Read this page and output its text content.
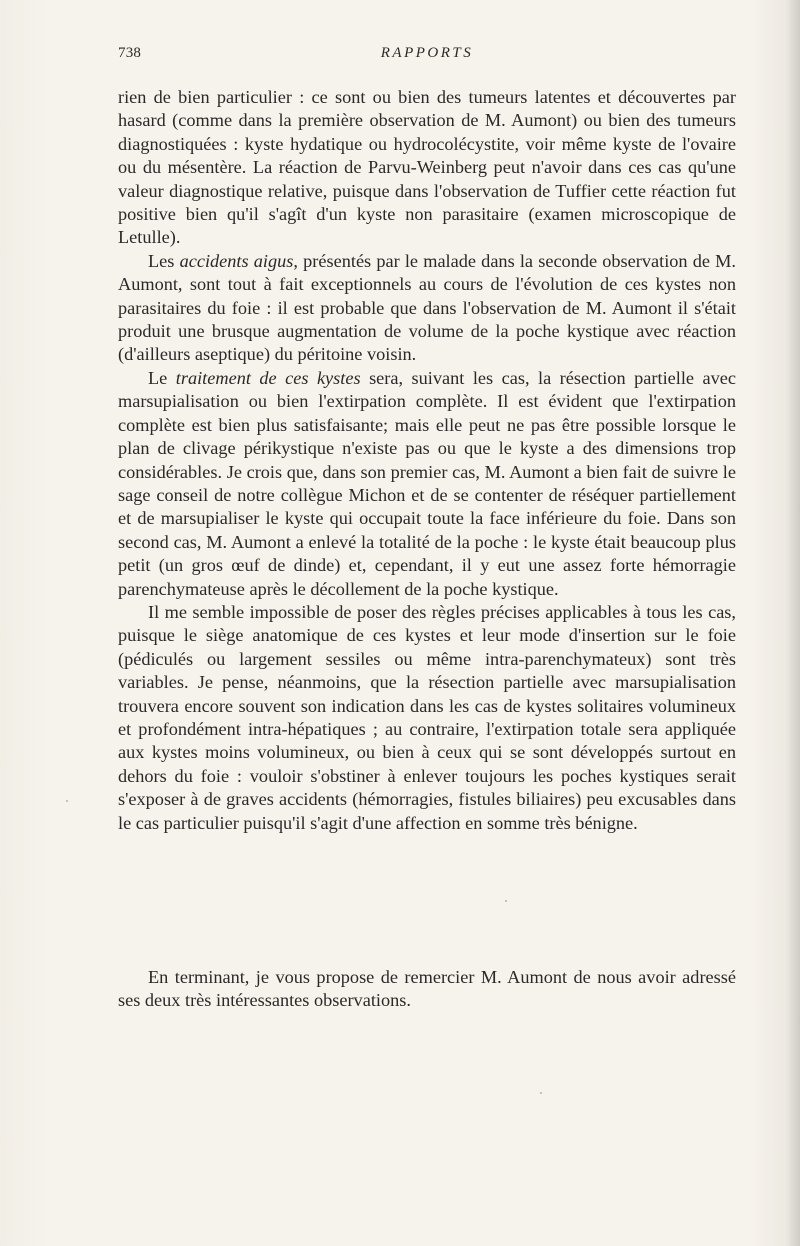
738	RAPPORTS

rien de bien particulier : ce sont ou bien des tumeurs latentes et découvertes par hasard (comme dans la première observation de M. Aumont) ou bien des tumeurs diagnostiquées : kyste hydatique ou hydrocolécystite, voir même kyste de l'ovaire ou du mésentère. La réaction de Parvu-Weinberg peut n'avoir dans ces cas qu'une valeur diagnostique relative, puisque dans l'observation de Tuffier cette réaction fut positive bien qu'il s'agît d'un kyste non parasitaire (examen microscopique de Letulle).

Les accidents aigus, présentés par le malade dans la seconde observation de M. Aumont, sont tout à fait exceptionnels au cours de l'évolution de ces kystes non parasitaires du foie : il est probable que dans l'observation de M. Aumont il s'était produit une brusque augmentation de volume de la poche kystique avec réaction (d'ailleurs aseptique) du péritoine voisin.

Le traitement de ces kystes sera, suivant les cas, la résection partielle avec marsupialisation ou bien l'extirpation complète. Il est évident que l'extirpation complète est bien plus satisfaisante; mais elle peut ne pas être possible lorsque le plan de clivage périkystique n'existe pas ou que le kyste a des dimensions trop considérables. Je crois que, dans son premier cas, M. Aumont a bien fait de suivre le sage conseil de notre collègue Michon et de se contenter de réséquer partiellement et de marsupialiser le kyste qui occupait toute la face inférieure du foie. Dans son second cas, M. Aumont a enlevé la totalité de la poche : le kyste était beaucoup plus petit (un gros œuf de dinde) et, cependant, il y eut une assez forte hémorragie parenchymateuse après le décollement de la poche kystique.

Il me semble impossible de poser des règles précises applicables à tous les cas, puisque le siège anatomique de ces kystes et leur mode d'insertion sur le foie (pédiculés ou largement sessiles ou même intra-parenchymateux) sont très variables. Je pense, néanmoins, que la résection partielle avec marsupialisation trouvera encore souvent son indication dans les cas de kystes solitaires volumineux et profondément intra-hépatiques ; au contraire, l'extirpation totale sera appliquée aux kystes moins volumineux, ou bien à ceux qui se sont développés surtout en dehors du foie : vouloir s'obstiner à enlever toujours les poches kystiques serait s'exposer à de graves accidents (hémorragies, fistules biliaires) peu excusables dans le cas particulier puisqu'il s'agit d'une affection en somme très bénigne.

En terminant, je vous propose de remercier M. Aumont de nous avoir adressé ses deux très intéressantes observations.
